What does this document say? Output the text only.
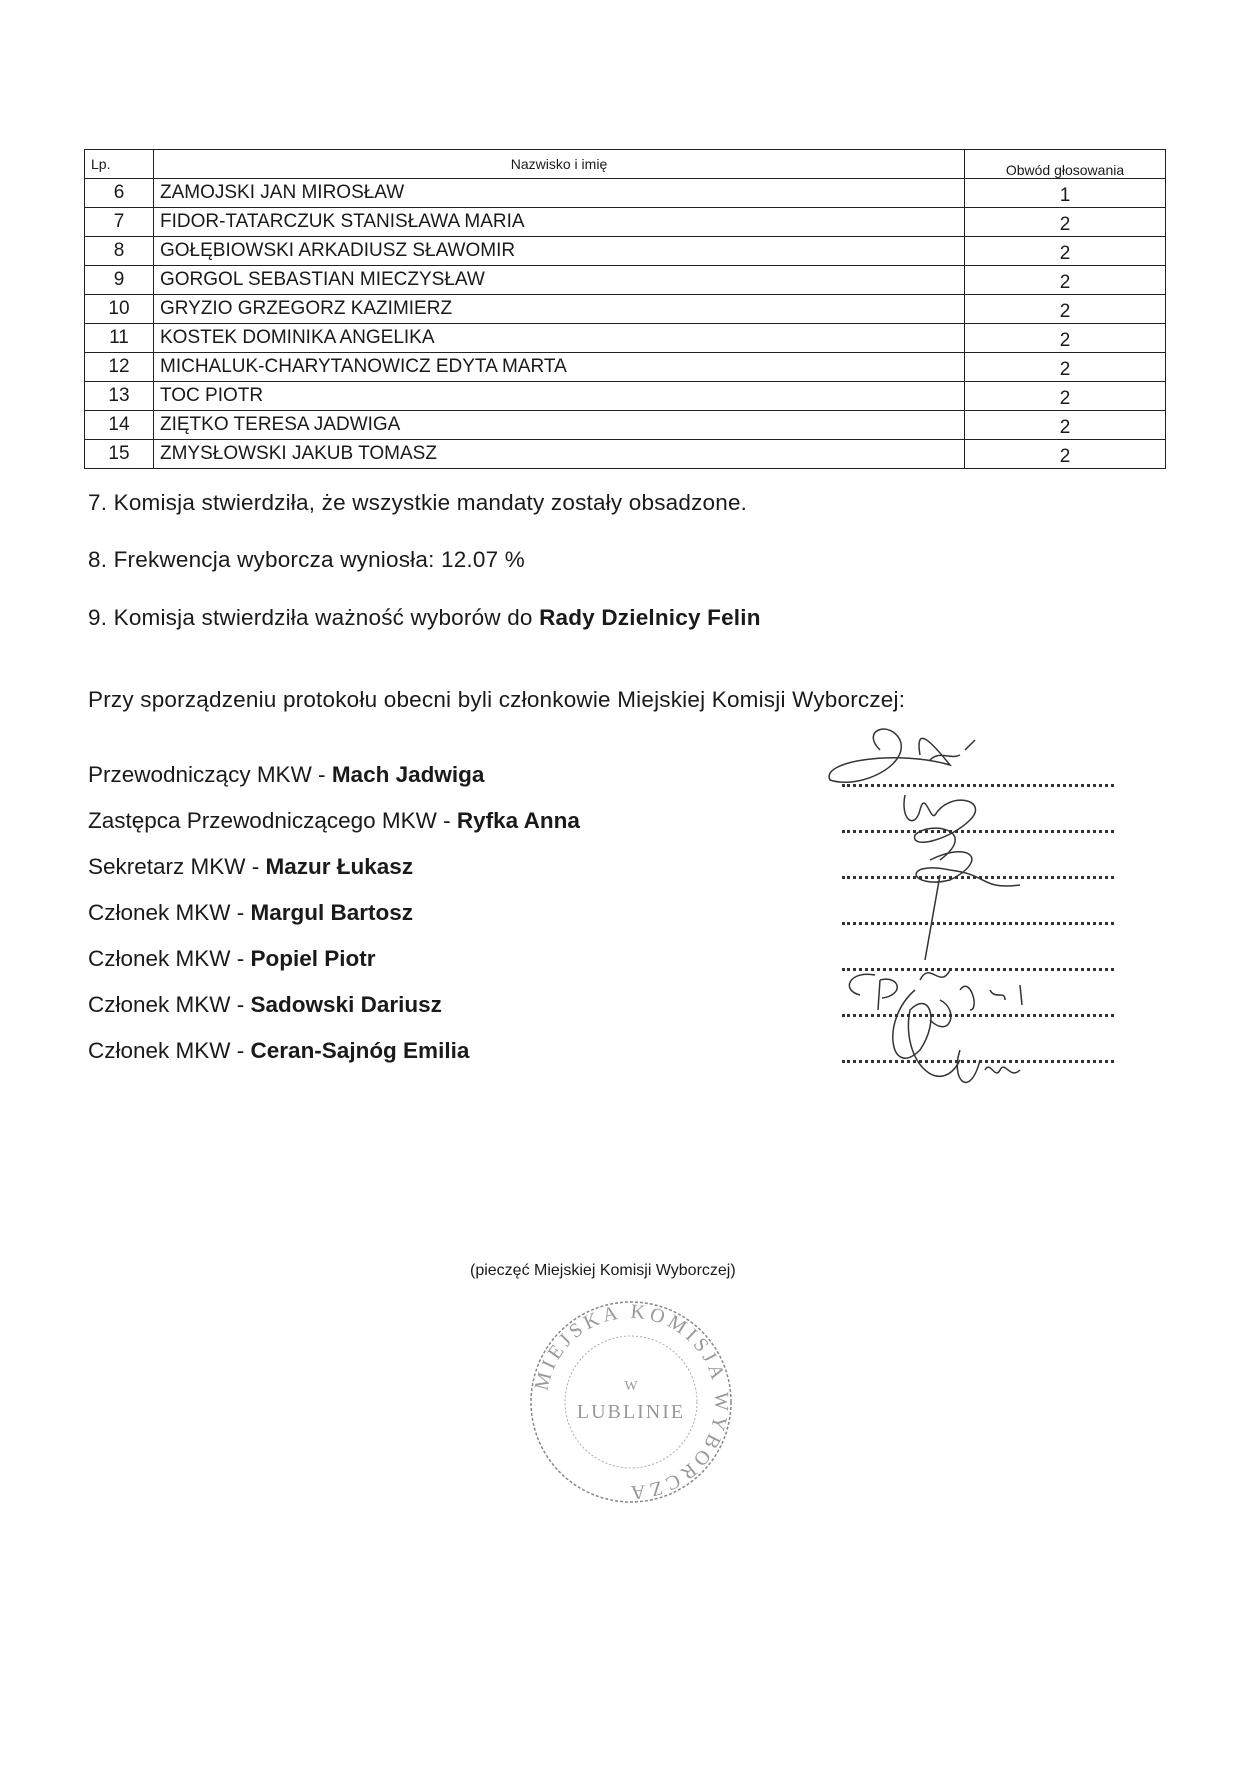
Lp.	Nazwisko i imię	Obwód głosowania
6	ZAMOJSKI JAN MIROSŁAW	1
7	FIDOR-TATARCZUK STANISŁAWA MARIA	2
8	GOŁĘBIOWSKI ARKADIUSZ SŁAWOMIR	2
9	GORGOL SEBASTIAN MIECZYSŁAW	2
10	GRYZIO GRZEGORZ KAZIMIERZ	2
11	KOSTEK DOMINIKA ANGELIKA	2
12	MICHALUK-CHARYTANOWICZ EDYTA MARTA	2
13	TOC PIOTR	2
14	ZIĘTKO TERESA JADWIGA	2
15	ZMYSŁOWSKI JAKUB TOMASZ	2
7. Komisja stwierdziła, że wszystkie mandaty zostały obsadzone.
8. Frekwencja wyborcza wyniosła: 12.07 %
9. Komisja stwierdziła ważność wyborów do Rady Dzielnicy Felin
Przy sporządzeniu protokołu obecni byli członkowie Miejskiej Komisji Wyborczej:
Przewodniczący MKW - Mach Jadwiga
Zastępca Przewodniczącego MKW - Ryfka Anna
Sekretarz MKW - Mazur Łukasz
Członek MKW - Margul Bartosz
Członek MKW - Popiel Piotr
Członek MKW - Sadowski Dariusz
Członek MKW - Ceran-Sajnóg Emilia
(pieczęć Miejskiej Komisji Wyborczej)
MIEJSKA KOMISJA WYBORCZA
W
LUBLINIE
